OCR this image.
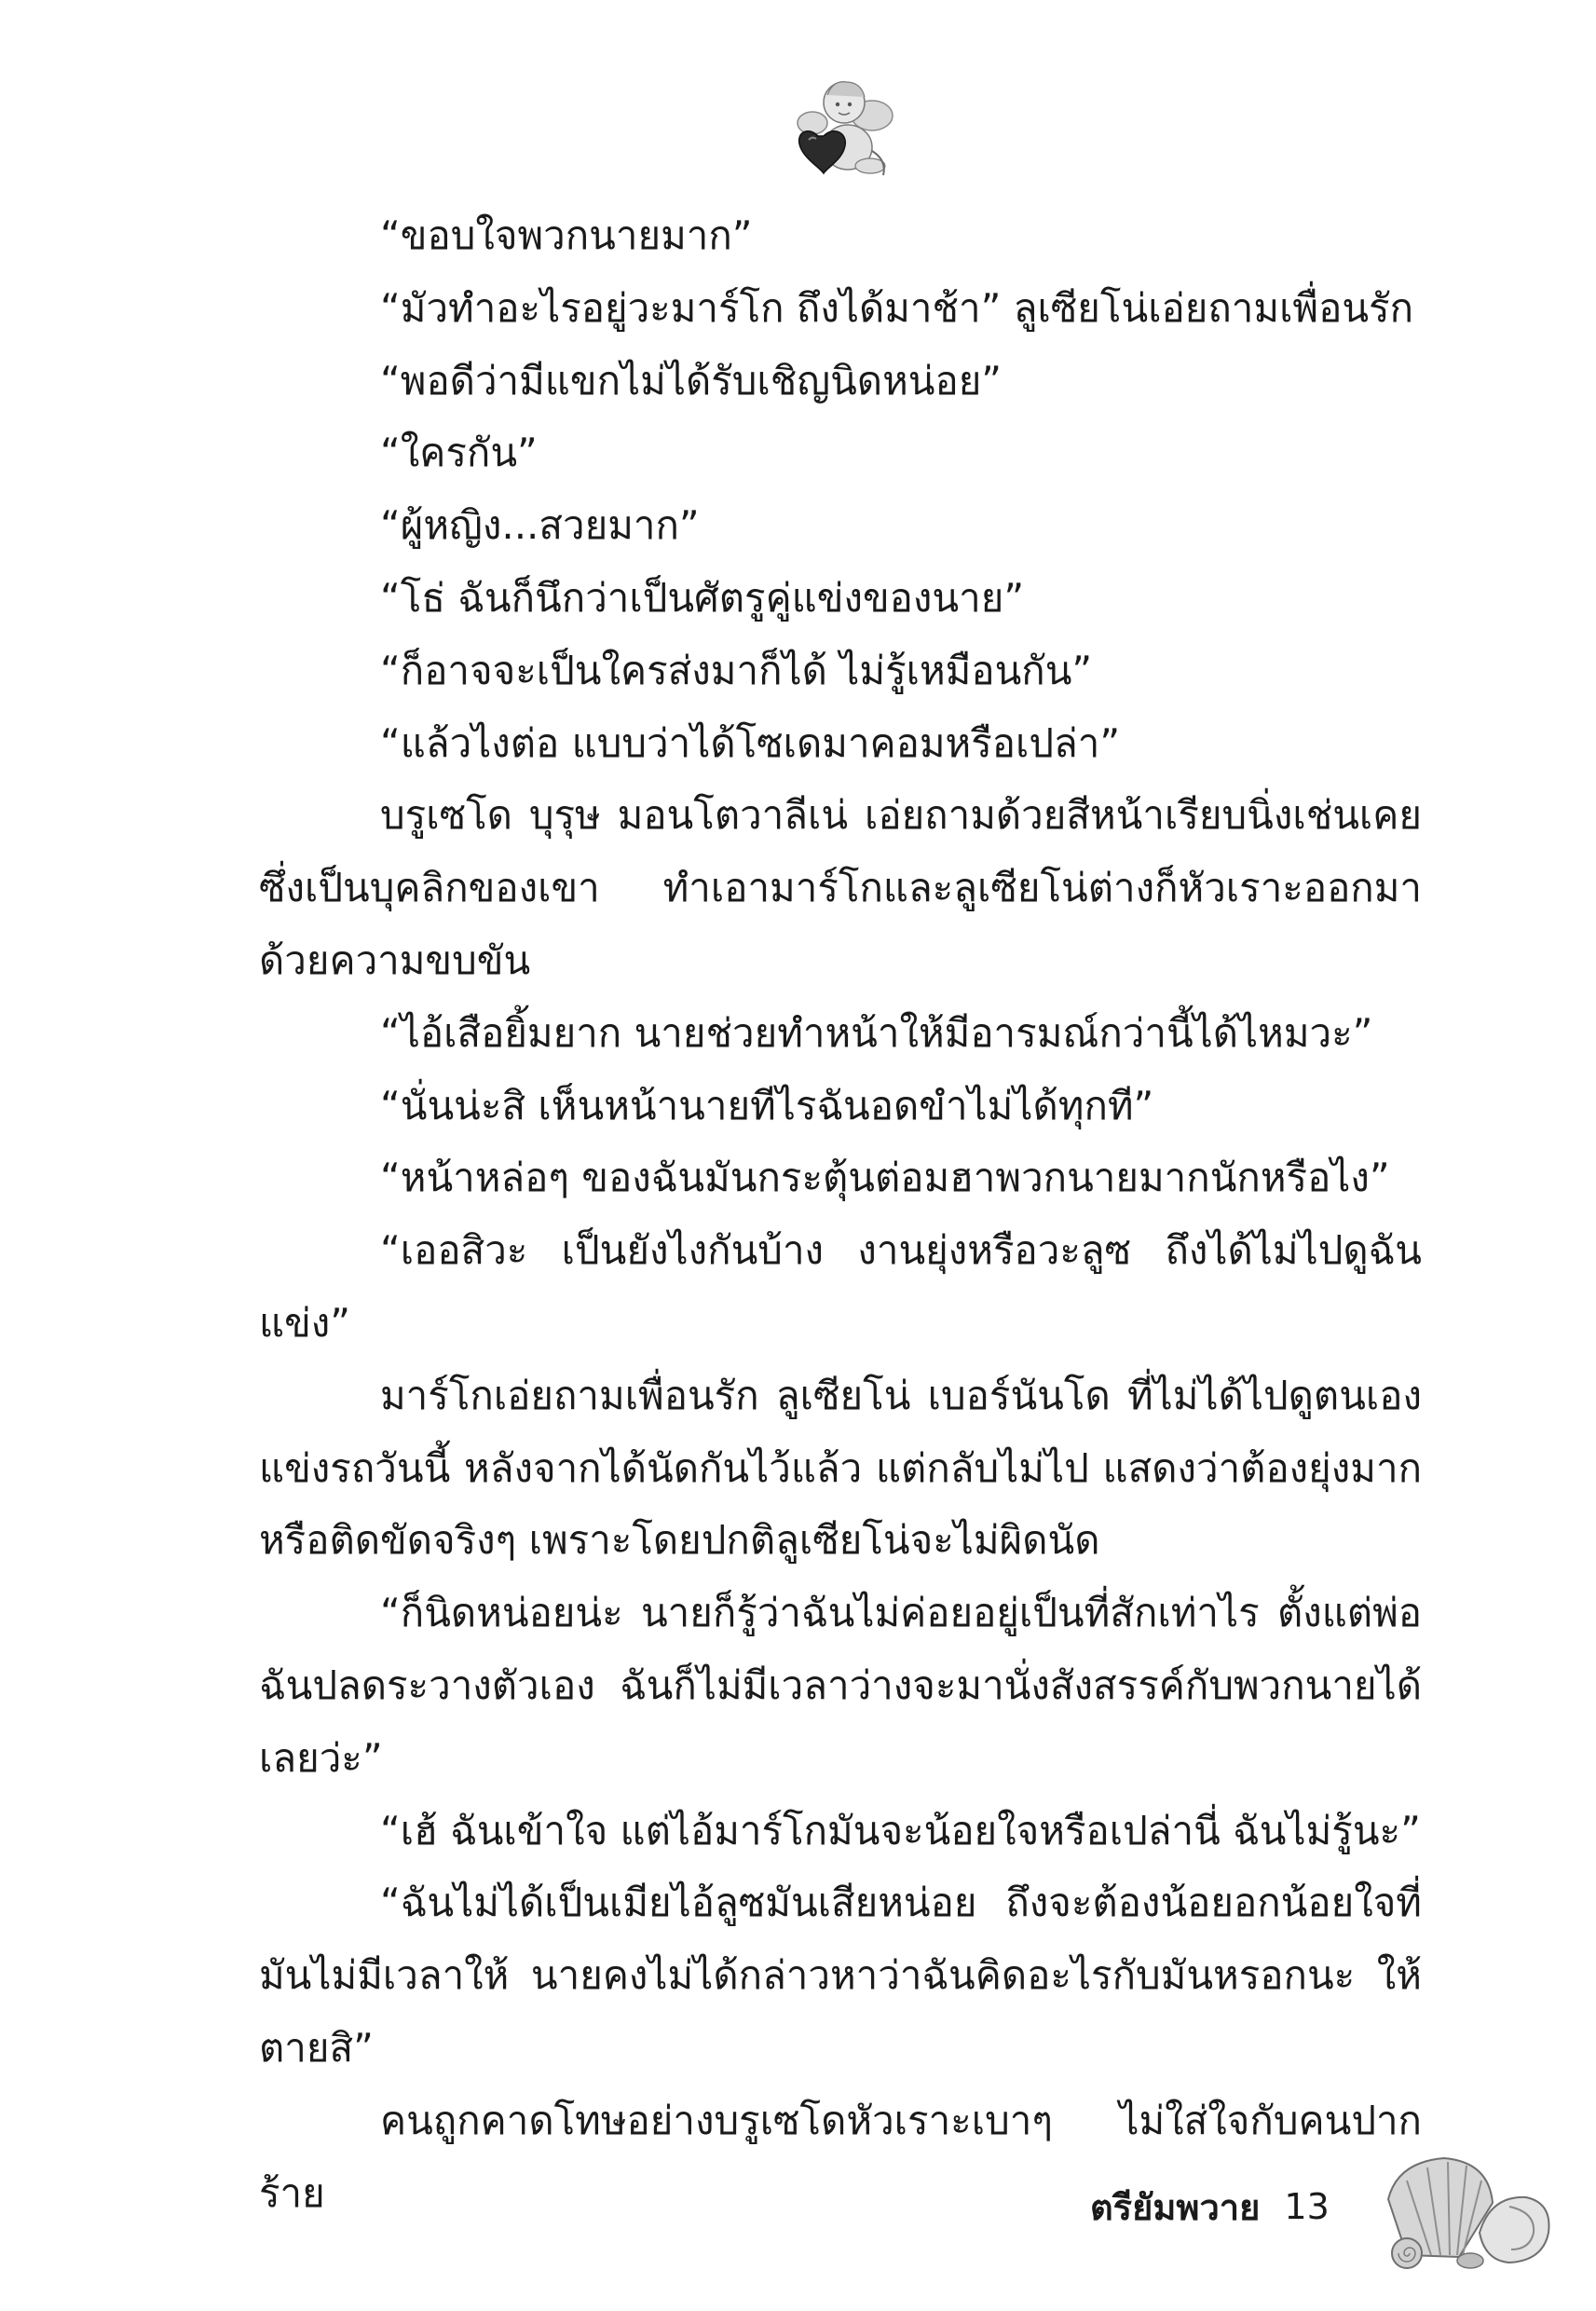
“ขอบใจพวกนายมาก”

“มัวทำอะไรอยู่วะมาร์โก ถึงได้มาช้า” ลูเซียโน่เอ่ยถามเพื่อนรัก

“พอดีว่ามีแขกไม่ได้รับเชิญนิดหน่อย”

“ใครกัน”

“ผู้หญิง...สวยมาก”

“โธ่ ฉันก็นึกว่าเป็นศัตรูคู่แข่งของนาย”

“ก็อาจจะเป็นใครส่งมาก็ได้ ไม่รู้เหมือนกัน”

“แล้วไงต่อ แบบว่าได้โซเดมาคอมหรือเปล่า”

บรูเซโด บุรุษ มอนโตวาลีเน่ เอ่ยถามด้วยสีหน้าเรียบนิ่งเช่นเคย ซึ่งเป็นบุคลิกของเขา ทำเอามาร์โกและลูเซียโน่ต่างก็หัวเราะออกมาด้วยความขบขัน

“ไอ้เสือยิ้มยาก นายช่วยทำหน้าให้มีอารมณ์กว่านี้ได้ไหมวะ”

“นั่นน่ะสิ เห็นหน้านายทีไรฉันอดขำไม่ได้ทุกที”

“หน้าหล่อๆ ของฉันมันกระตุ้นต่อมฮาพวกนายมากนักหรือไง”

“เออสิวะ เป็นยังไงกันบ้าง งานยุ่งหรือวะลูซ ถึงได้ไม่ไปดูฉันแข่ง”

มาร์โกเอ่ยถามเพื่อนรัก ลูเซียโน่ เบอร์นันโด ที่ไม่ได้ไปดูตนเองแข่งรถวันนี้ หลังจากได้นัดกันไว้แล้ว แต่กลับไม่ไป แสดงว่าต้องยุ่งมากหรือติดขัดจริงๆ เพราะโดยปกติลูเซียโน่จะไม่ผิดนัด

“ก็นิดหน่อยน่ะ นายก็รู้ว่าฉันไม่ค่อยอยู่เป็นที่สักเท่าไร ตั้งแต่พ่อฉันปลดระวางตัวเอง ฉันก็ไม่มีเวลาว่างจะมานั่งสังสรรค์กับพวกนายได้เลยว่ะ”

“เฮ้ ฉันเข้าใจ แต่ไอ้มาร์โกมันจะน้อยใจหรือเปล่านี่ ฉันไม่รู้นะ”

“ฉันไม่ได้เป็นเมียไอ้ลูซมันเสียหน่อย ถึงจะต้องน้อยอกน้อยใจที่มันไม่มีเวลาให้ นายคงไม่ได้กล่าวหาว่าฉันคิดอะไรกับมันหรอกนะ ให้ตายสิ”

คนถูกคาดโทษอย่างบรูเซโดหัวเราะเบาๆ ไม่ใส่ใจกับคนปากร้าย	ตรียัมพวาย 13
